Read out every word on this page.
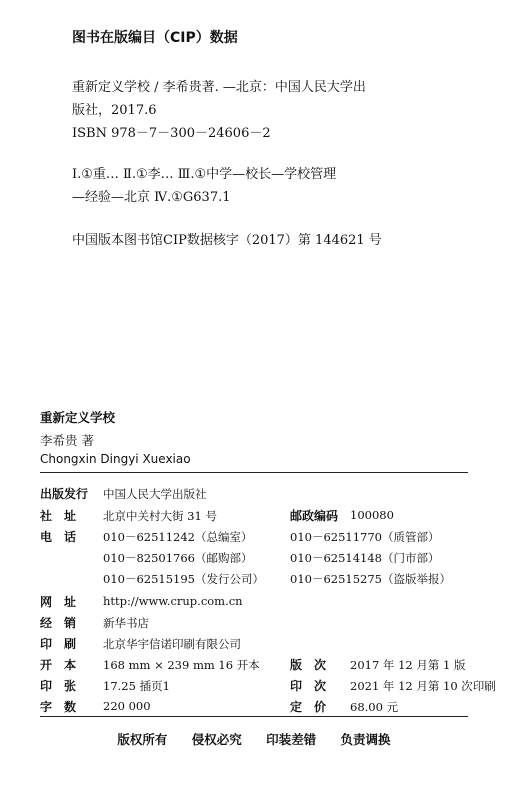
图书在版编目（CIP）数据
重新定义学校 / 李希贵著. —北京：中国人民大学出
版社，2017.6
ISBN 978－7－300－24606－2
Ⅰ.①重… Ⅱ.①李… Ⅲ.①中学—校长—学校管理
—经验—北京 Ⅳ.①G637.1
中国版本图书馆CIP数据核字（2017）第 144621 号
重新定义学校
李希贵 著
Chongxin Dingyi Xuexiao
出版发行 中国人民大学出版社
社　址 北京中关村大街 31 号	邮政编码 100080
电　话 010－62511242（总编室）	010－62511770（质管部）
010－82501766（邮购部）	010－62514148（门市部）
010－62515195（发行公司） 010－62515275（盗版举报）
网　址 http://www.crup.com.cn
经　销 新华书店
印　刷 北京华宇信诺印刷有限公司
开　本 168 mm × 239 mm 16 开本	版　次 2017 年 12 月第 1 版
印　张 17.25 插页1	印　次 2021 年 12 月第 10 次印刷
字　数 220 000	定　价 68.00 元
版权所有 侵权必究 印装差错 负责调换
